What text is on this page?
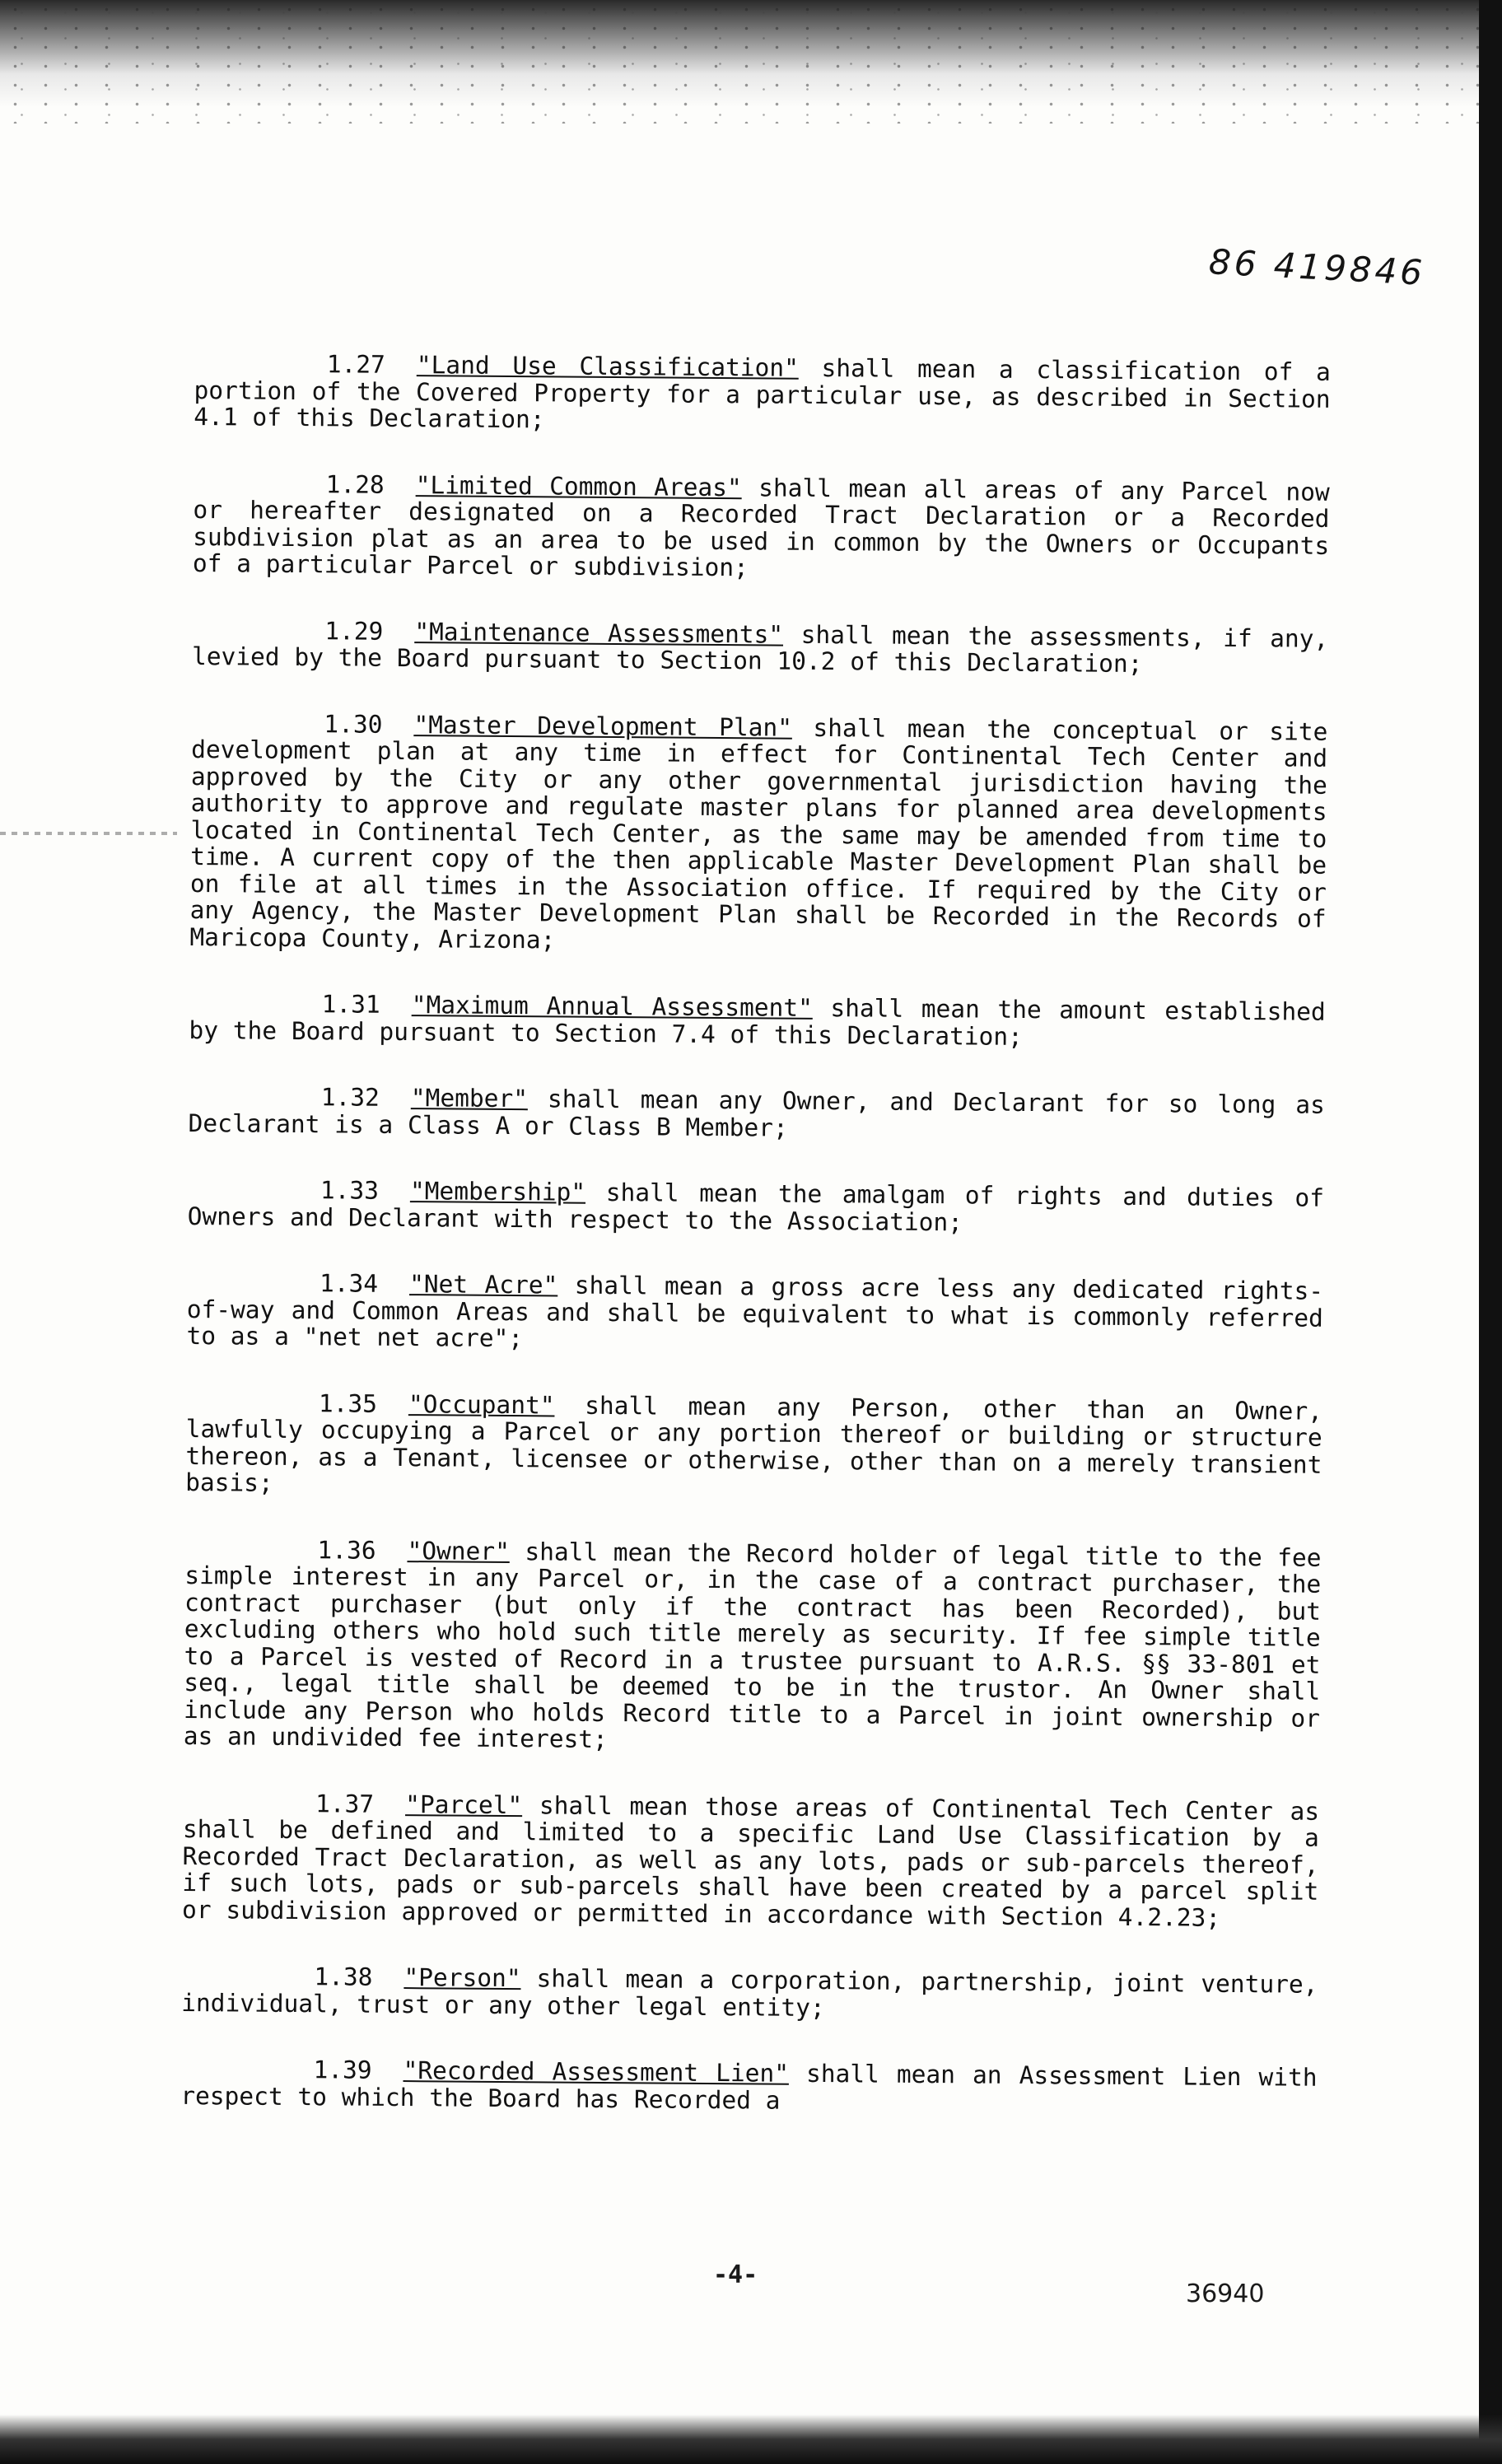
86 419846

1.27 "Land Use Classification" shall mean a classification of a portion of the Covered Property for a particular use, as described in Section 4.1 of this Declaration;

1.28 "Limited Common Areas" shall mean all areas of any Parcel now or hereafter designated on a Recorded Tract Declaration or a Recorded subdivision plat as an area to be used in common by the Owners or Occupants of a particular Parcel or subdivision;

1.29 "Maintenance Assessments" shall mean the assessments, if any, levied by the Board pursuant to Section 10.2 of this Declaration;

1.30 "Master Development Plan" shall mean the conceptual or site development plan at any time in effect for Continental Tech Center and approved by the City or any other governmental jurisdiction having the authority to approve and regulate master plans for planned area developments located in Continental Tech Center, as the same may be amended from time to time. A current copy of the then applicable Master Development Plan shall be on file at all times in the Association office. If required by the City or any Agency, the Master Development Plan shall be Recorded in the Records of Maricopa County, Arizona;

1.31 "Maximum Annual Assessment" shall mean the amount established by the Board pursuant to Section 7.4 of this Declaration;

1.32 "Member" shall mean any Owner, and Declarant for so long as Declarant is a Class A or Class B Member;

1.33 "Membership" shall mean the amalgam of rights and duties of Owners and Declarant with respect to the Association;

1.34 "Net Acre" shall mean a gross acre less any dedicated rights-of-way and Common Areas and shall be equivalent to what is commonly referred to as a "net net acre";

1.35 "Occupant" shall mean any Person, other than an Owner, lawfully occupying a Parcel or any portion thereof or building or structure thereon, as a Tenant, licensee or otherwise, other than on a merely transient basis;

1.36 "Owner" shall mean the Record holder of legal title to the fee simple interest in any Parcel or, in the case of a contract purchaser, the contract purchaser (but only if the contract has been Recorded), but excluding others who hold such title merely as security. If fee simple title to a Parcel is vested of Record in a trustee pursuant to A.R.S. §§ 33-801 et seq., legal title shall be deemed to be in the trustor. An Owner shall include any Person who holds Record title to a Parcel in joint ownership or as an undivided fee interest;

1.37 "Parcel" shall mean those areas of Continental Tech Center as shall be defined and limited to a specific Land Use Classification by a Recorded Tract Declaration, as well as any lots, pads or sub-parcels thereof, if such lots, pads or sub-parcels shall have been created by a parcel split or subdivision approved or permitted in accordance with Section 4.2.23;

1.38 "Person" shall mean a corporation, partnership, joint venture, individual, trust or any other legal entity;

1.39 "Recorded Assessment Lien" shall mean an Assessment Lien with respect to which the Board has Recorded a

-4-
36940
